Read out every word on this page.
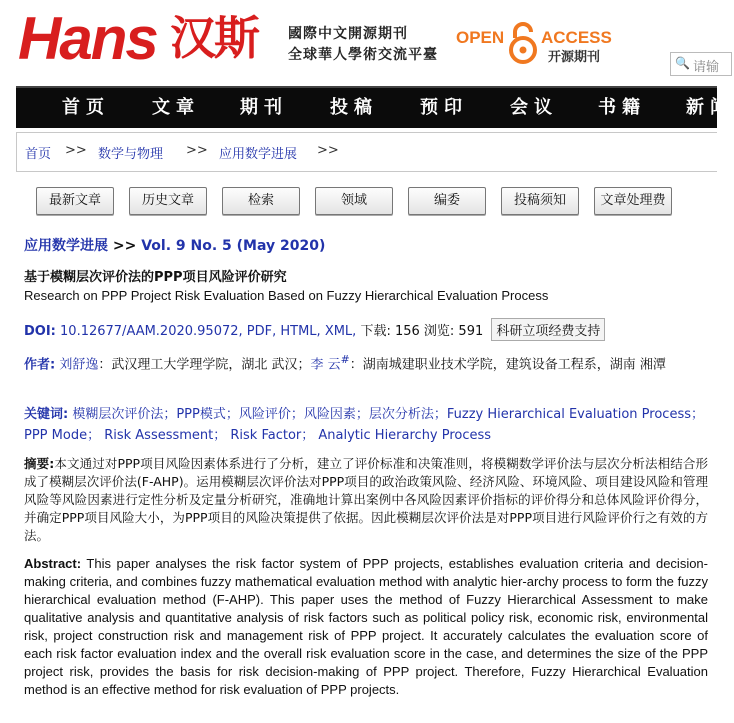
Hans 汉斯 國際中文開源期刊
全球華人學術交流平臺
OPEN ACCESS
开源期刊	🔍 请输
首页 文章 期刊 投稿 预印 会议 书籍 新闻
首页 >> 数学与物理 >> 应用数学进展 >>
最新文章	历史文章	检索	领域	编委	投稿须知	文章处理费
应用数学进展 >> Vol. 9 No. 5 (May 2020)
基于模糊层次评价法的PPP项目风险评价研究
Research on PPP Project Risk Evaluation Based on Fuzzy Hierarchical Evaluation Process
DOI: 10.12677/AAM.2020.95072, PDF, HTML, XML, 下载: 156 浏览: 591 科研立项经费支持
作者: 刘舒逸：武汉理工大学理学院，湖北 武汉；李 云#：湖南城建职业技术学院，建筑设备工程系，湖南 湘潭
关键词: 模糊层次评价法；PPP模式；风险评价；风险因素；层次分析法；Fuzzy Hierarchical Evaluation Process； PPP Mode； Risk Assessment； Risk Factor； Analytic Hierarchy Process
摘要:本文通过对PPP项目风险因素体系进行了分析，建立了评价标准和决策准则，将模糊数学评价法与层次分析法相结合形成了模糊层次评价法(F-AHP)。运用模糊层次评价法对PPP项目的政治政策风险、经济风险、环境风险、项目建设风险和管理风险等风险因素进行定性分析及定量分析研究，准确地计算出案例中各风险因素评价指标的评价得分和总体风险评价得分，并确定PPP项目风险大小，为PPP项目的风险决策提供了依据。因此模糊层次评价法是对PPP项目进行风险评价行之有效的方法。
Abstract: This paper analyses the risk factor system of PPP projects, establishes evaluation criteria and decision-making criteria, and combines fuzzy mathematical evaluation method with analytic hier-archy process to form the fuzzy hierarchical evaluation method (F-AHP). This paper uses the method of Fuzzy Hierarchical Assessment to make qualitative analysis and quantitative analysis of risk factors such as political policy risk, economic risk, environmental risk, project construction risk and management risk of PPP project. It accurately calculates the evaluation score of each risk factor evaluation index and the overall risk evaluation score in the case, and determines the size of the PPP project risk, provides the basis for risk decision-making of PPP project. Therefore, Fuzzy Hierarchical Evaluation method is an effective method for risk evaluation of PPP projects.
